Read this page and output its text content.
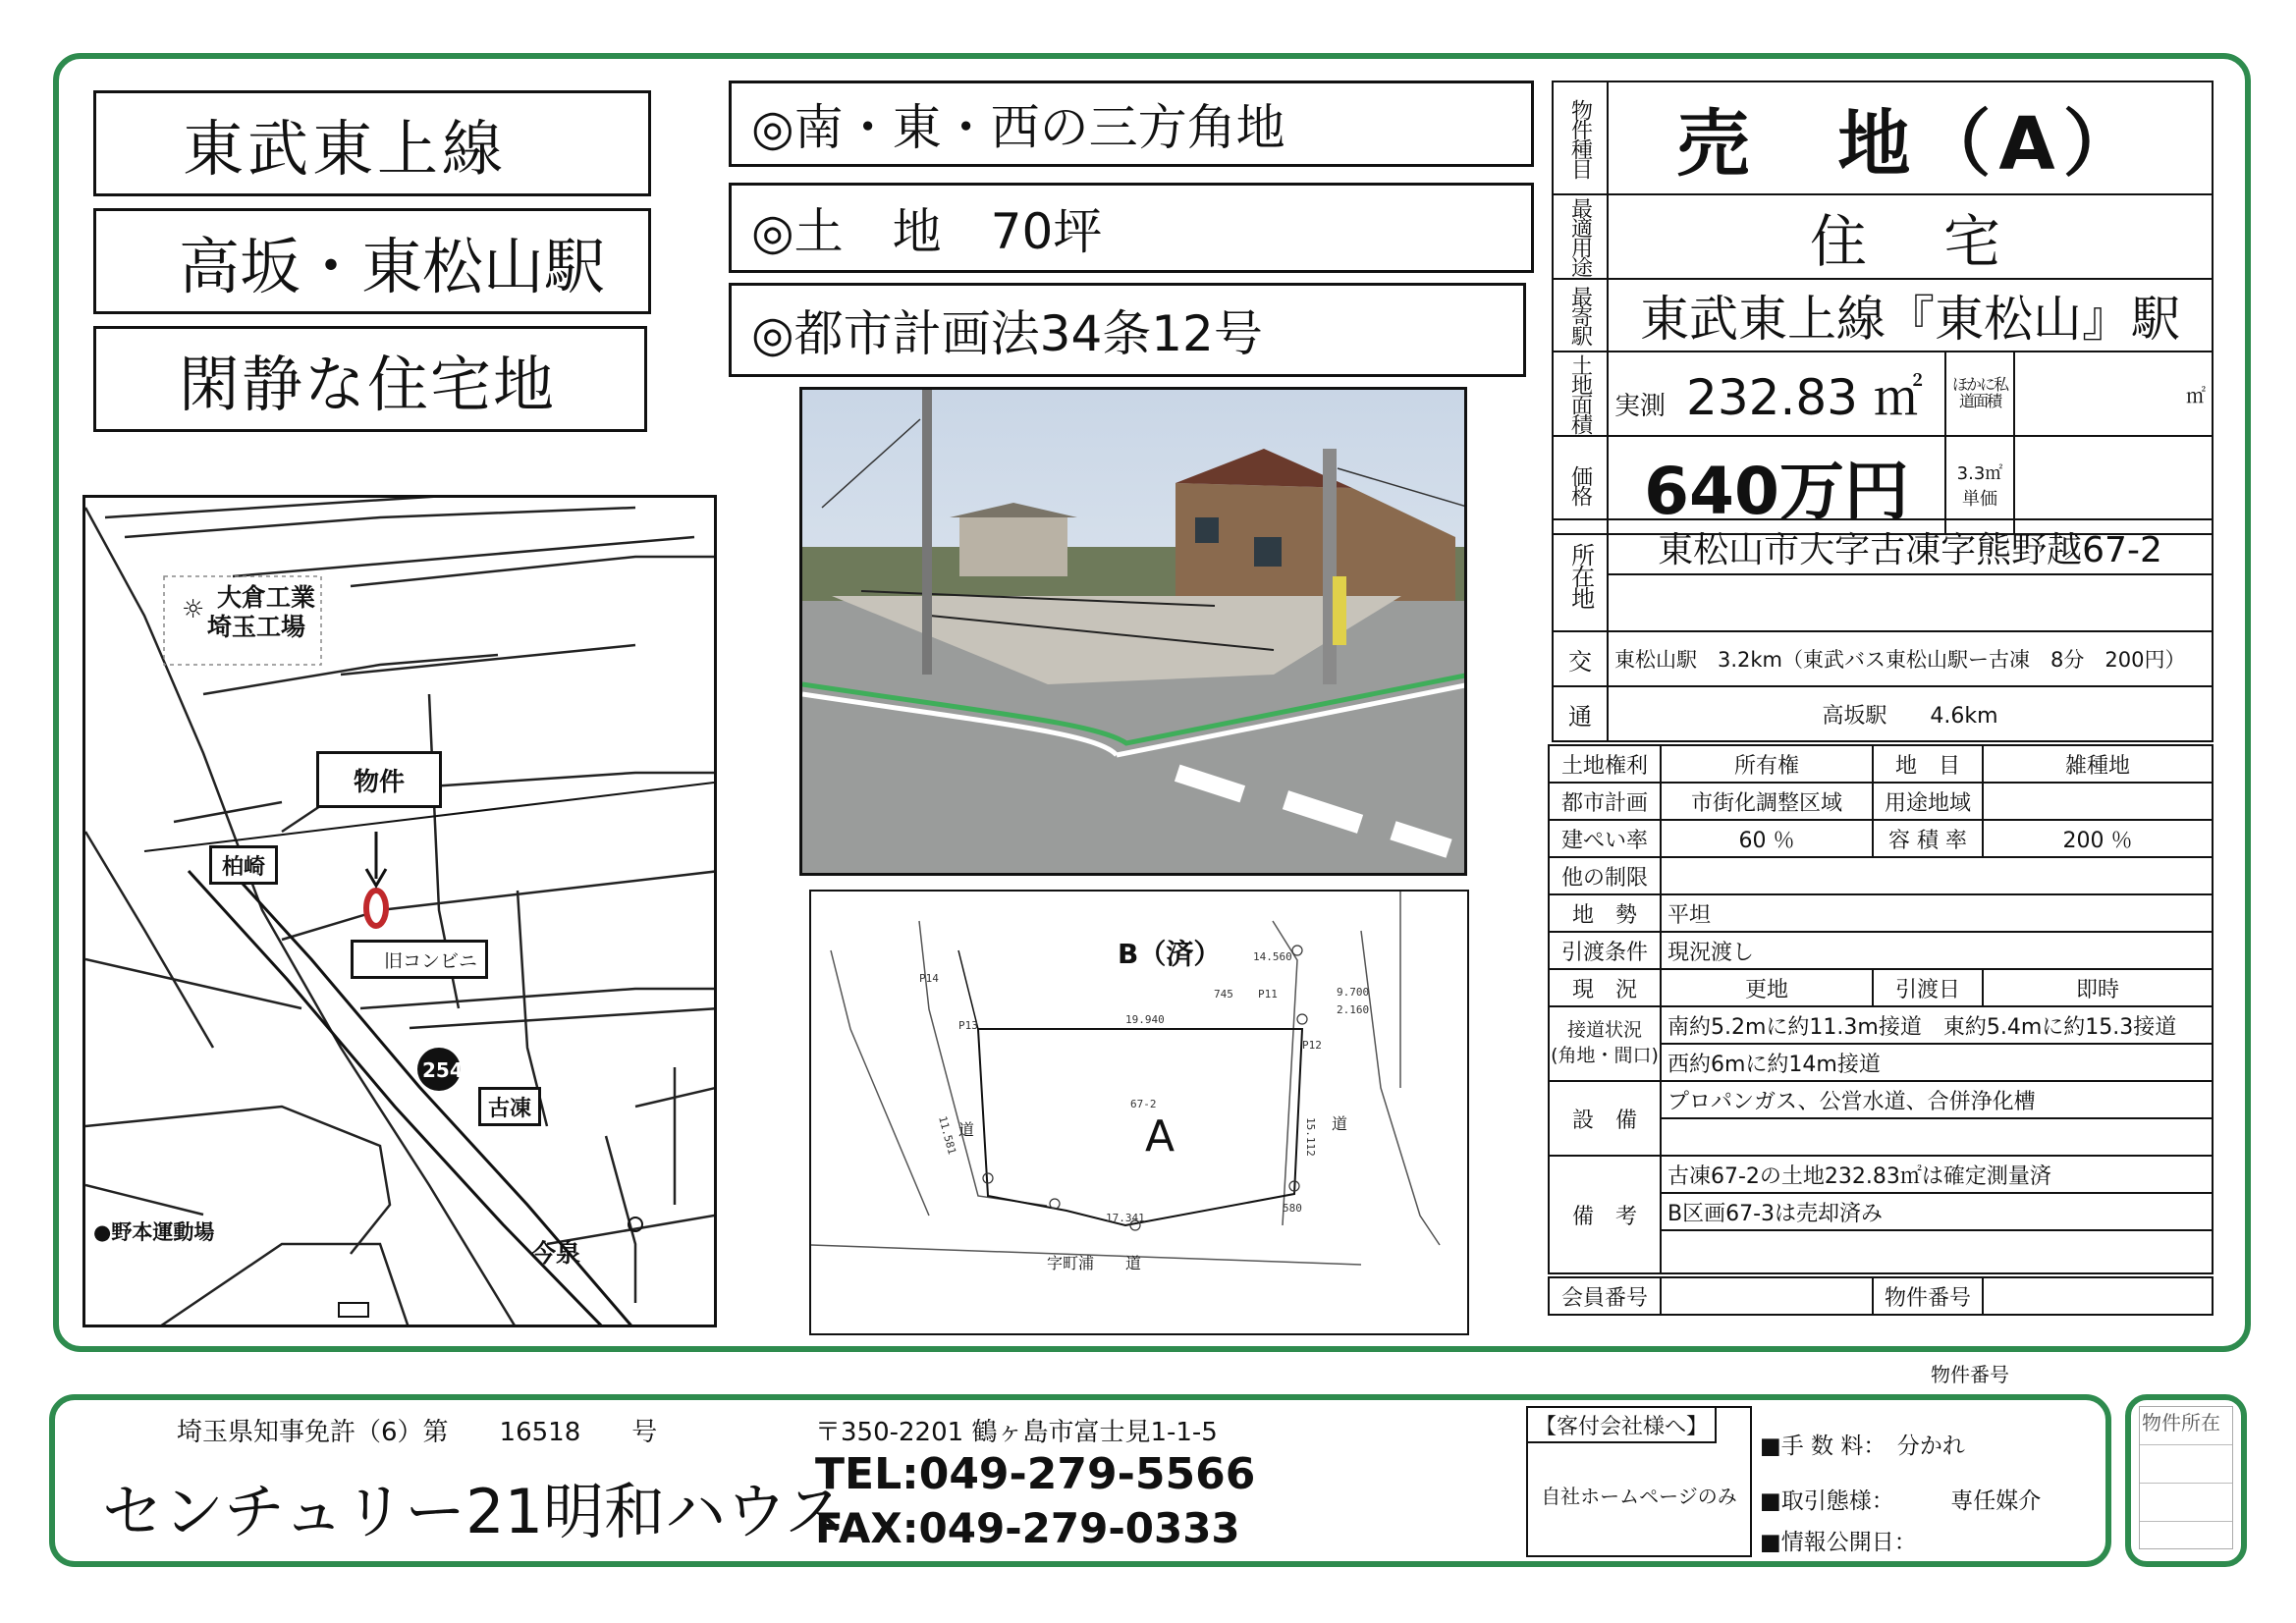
東武東上線
高坂・東松山駅
閑静な住宅地
◎南・東・西の三方角地
◎土　地　70坪
◎都市計画法34条12号
☼ 大倉工業 埼玉工場
254
物件
柏崎
旧コンビニ
古凍
●野本運動場
今泉
19.940
11.581	15.112
17.341
2.160
9.700
14.560
P14
P13
P12
P11
745
580
67-2
B（済）
A
字町浦　　道
道	道
物件種目	売　地（A）		
最適用途	住　宅		
最寄駅	東武東上線『東松山』駅		
土地面積	実測 232.83 ㎡	ほかに私道面積	㎡
価格	640万円	3.3㎡単価	
所在地	東松山市大字古凍字熊野越67-2

交	東松山駅　3.2km（東武バス東松山駅ー古凍　8分　200円）
通	高坂駅　　4.6km
土地権利	所有権	地　目	雑種地
都市計画	市街化調整区域	用途地域	
建ぺい率	60 ％	容 積 率	200 ％
他の制限			
地　勢	平坦		
引渡条件	現況渡し		
現　況	更地	引渡日	即時
接道状況
(角地・間口)	南約5.2mに約11.3m接道　東約5.4mに約15.3接道		
	西約6mに約14m接道		
設　備	プロパンガス、公営水道、合併浄化槽		

備　考	古凍67-2の土地232.83㎡は確定測量済		
	B区画67-3は売却済み		

会員番号		物件番号	
物件番号
埼玉県知事免許（6）第　　16518　　号
センチュリー21明和ハウス
〒350-2201 鶴ヶ島市富士見1-1-5
TEL:049-279-5566
FAX:049-279-0333
【客付会社様へ】
自社ホームページのみ
■手 数 料：　分かれ
■取引態様：　　　専任媒介
■情報公開日：
物件所在
